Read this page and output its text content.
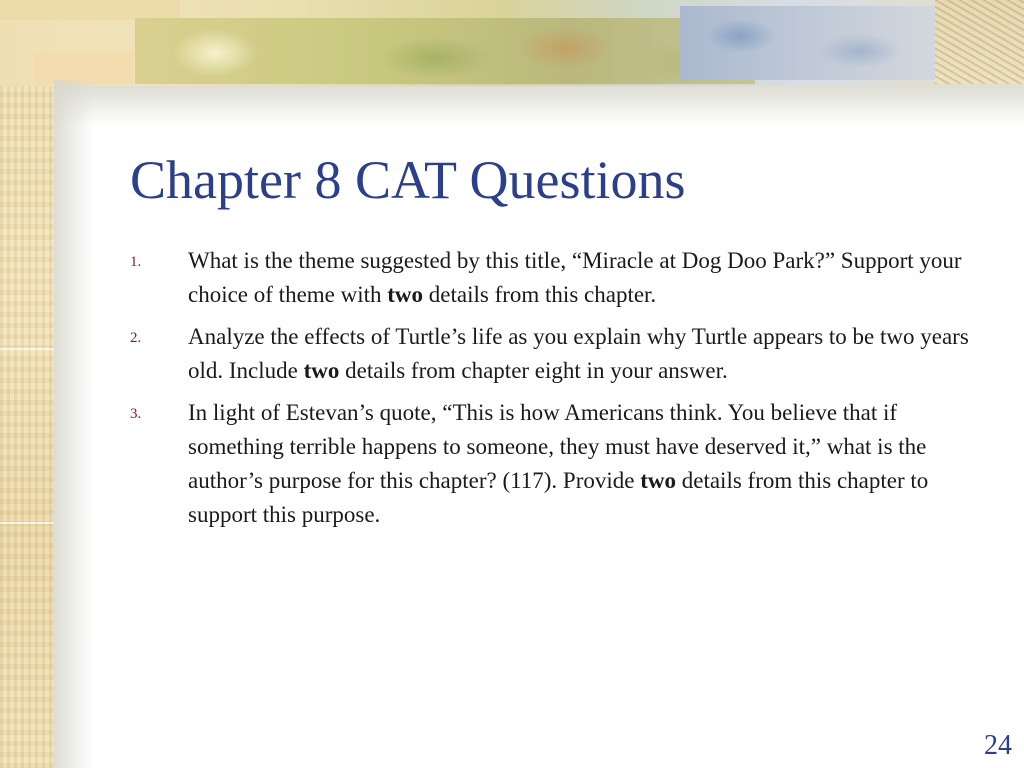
Chapter 8 CAT Questions
1. What is the theme suggested by this title, “Miracle at Dog Doo Park?” Support your choice of theme with two details from this chapter.
2. Analyze the effects of Turtle’s life as you explain why Turtle appears to be two years old. Include two details from chapter eight in your answer.
3. In light of Estevan’s quote, “This is how Americans think. You believe that if something terrible happens to someone, they must have deserved it,” what is the author’s purpose for this chapter? (117). Provide two details from this chapter to support this purpose.
24
